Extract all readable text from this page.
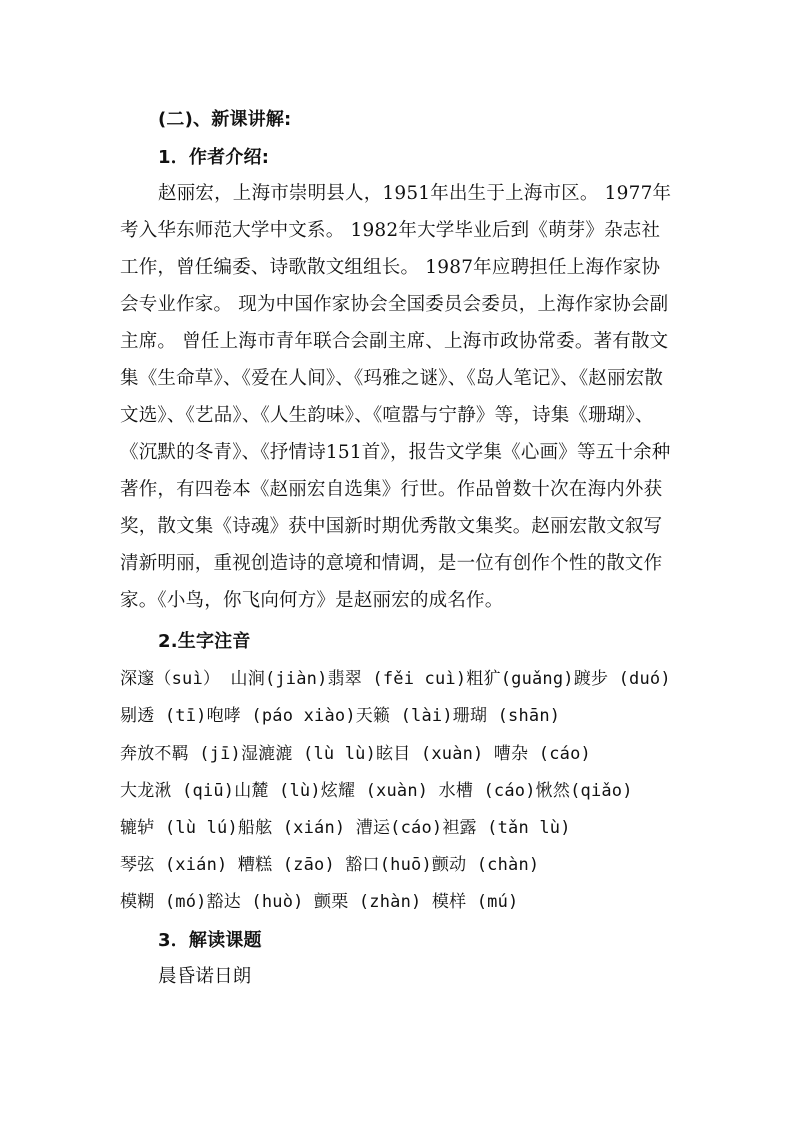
(二)、新课讲解:
1．作者介绍:
赵丽宏，上海市崇明县人，1951年出生于上海市区。 1977年
考入华东师范大学中文系。 1982年大学毕业后到《萌芽》杂志社
工作，曾任编委、诗歌散文组组长。 1987年应聘担任上海作家协
会专业作家。 现为中国作家协会全国委员会委员，上海作家协会副
主席。 曾任上海市青年联合会副主席、上海市政协常委。著有散文
集《生命草》、《爱在人间》、《玛雅之谜》、《岛人笔记》、《赵丽宏散
文选》、《艺品》、《人生韵味》、《喧嚣与宁静》等，诗集《珊瑚》、
《沉默的冬青》、《抒情诗151首》，报告文学集《心画》等五十余种
著作，有四卷本《赵丽宏自选集》行世。作品曾数十次在海内外获
奖，散文集《诗魂》获中国新时期优秀散文集奖。赵丽宏散文叙写
清新明丽，重视创造诗的意境和情调，是一位有创作个性的散文作
家。《小鸟，你飞向何方》是赵丽宏的成名作。
2.生字注音
深邃（suì） 山涧(jiàn)翡翠 (fěi cuì)粗犷(guǎng)踱步 (duó)
剔透 (tī)咆哮 (páo xiào)天籁 (lài)珊瑚 (shān)
奔放不羁 (jī)湿漉漉 (lù lù)眩目 (xuàn) 嘈杂 (cáo)
大龙湫 (qiū)山麓 (lù)炫耀 (xuàn) 水槽 (cáo)愀然(qiǎo)
辘轳 (lù lú)船舷 (xián) 漕运(cáo)袒露 (tǎn lù)
琴弦 (xián) 糟糕 (zāo) 豁口(huō)颤动 (chàn)
模糊 (mó)豁达 (huò) 颤栗 (zhàn) 模样 (mú)
3．解读课题
晨昏诺日朗
